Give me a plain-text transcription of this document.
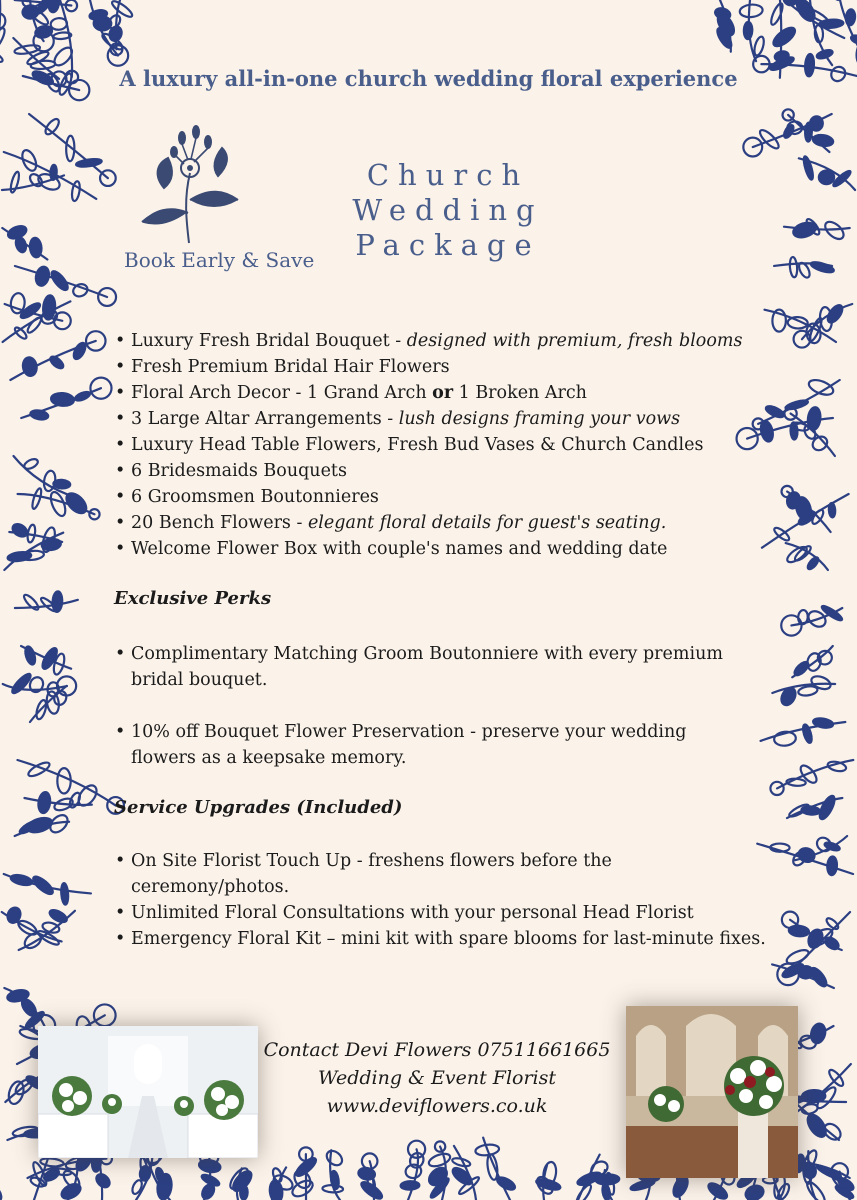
A luxury all-in-one church wedding floral experience
Church Wedding
Package
Book Early & Save
• Luxury Fresh Bridal Bouquet - designed with premium, fresh blooms
• Fresh Premium Bridal Hair Flowers
• Floral Arch Decor - 1 Grand Arch or 1 Broken Arch
• 3 Large Altar Arrangements - lush designs framing your vows
• Luxury Head Table Flowers, Fresh Bud Vases & Church Candles
• 6 Bridesmaids Bouquets
• 6 Groomsmen Boutonnieres
• 20 Bench Flowers - elegant floral details for guest's seating.
• Welcome Flower Box with couple's names and wedding date
Exclusive Perks
• Complimentary Matching Groom Boutonniere with every premium bridal bouquet.
• 10% off Bouquet Flower Preservation - preserve your wedding flowers as a keepsake memory.
Service Upgrades (Included)
• On Site Florist Touch Up - freshens flowers before the ceremony/photos.
• Unlimited Floral Consultations with your personal Head Florist
• Emergency Floral Kit – mini kit with spare blooms for last-minute fixes.
Contact Devi Flowers 07511661665
Wedding & Event Florist
www.deviflowers.co.uk
